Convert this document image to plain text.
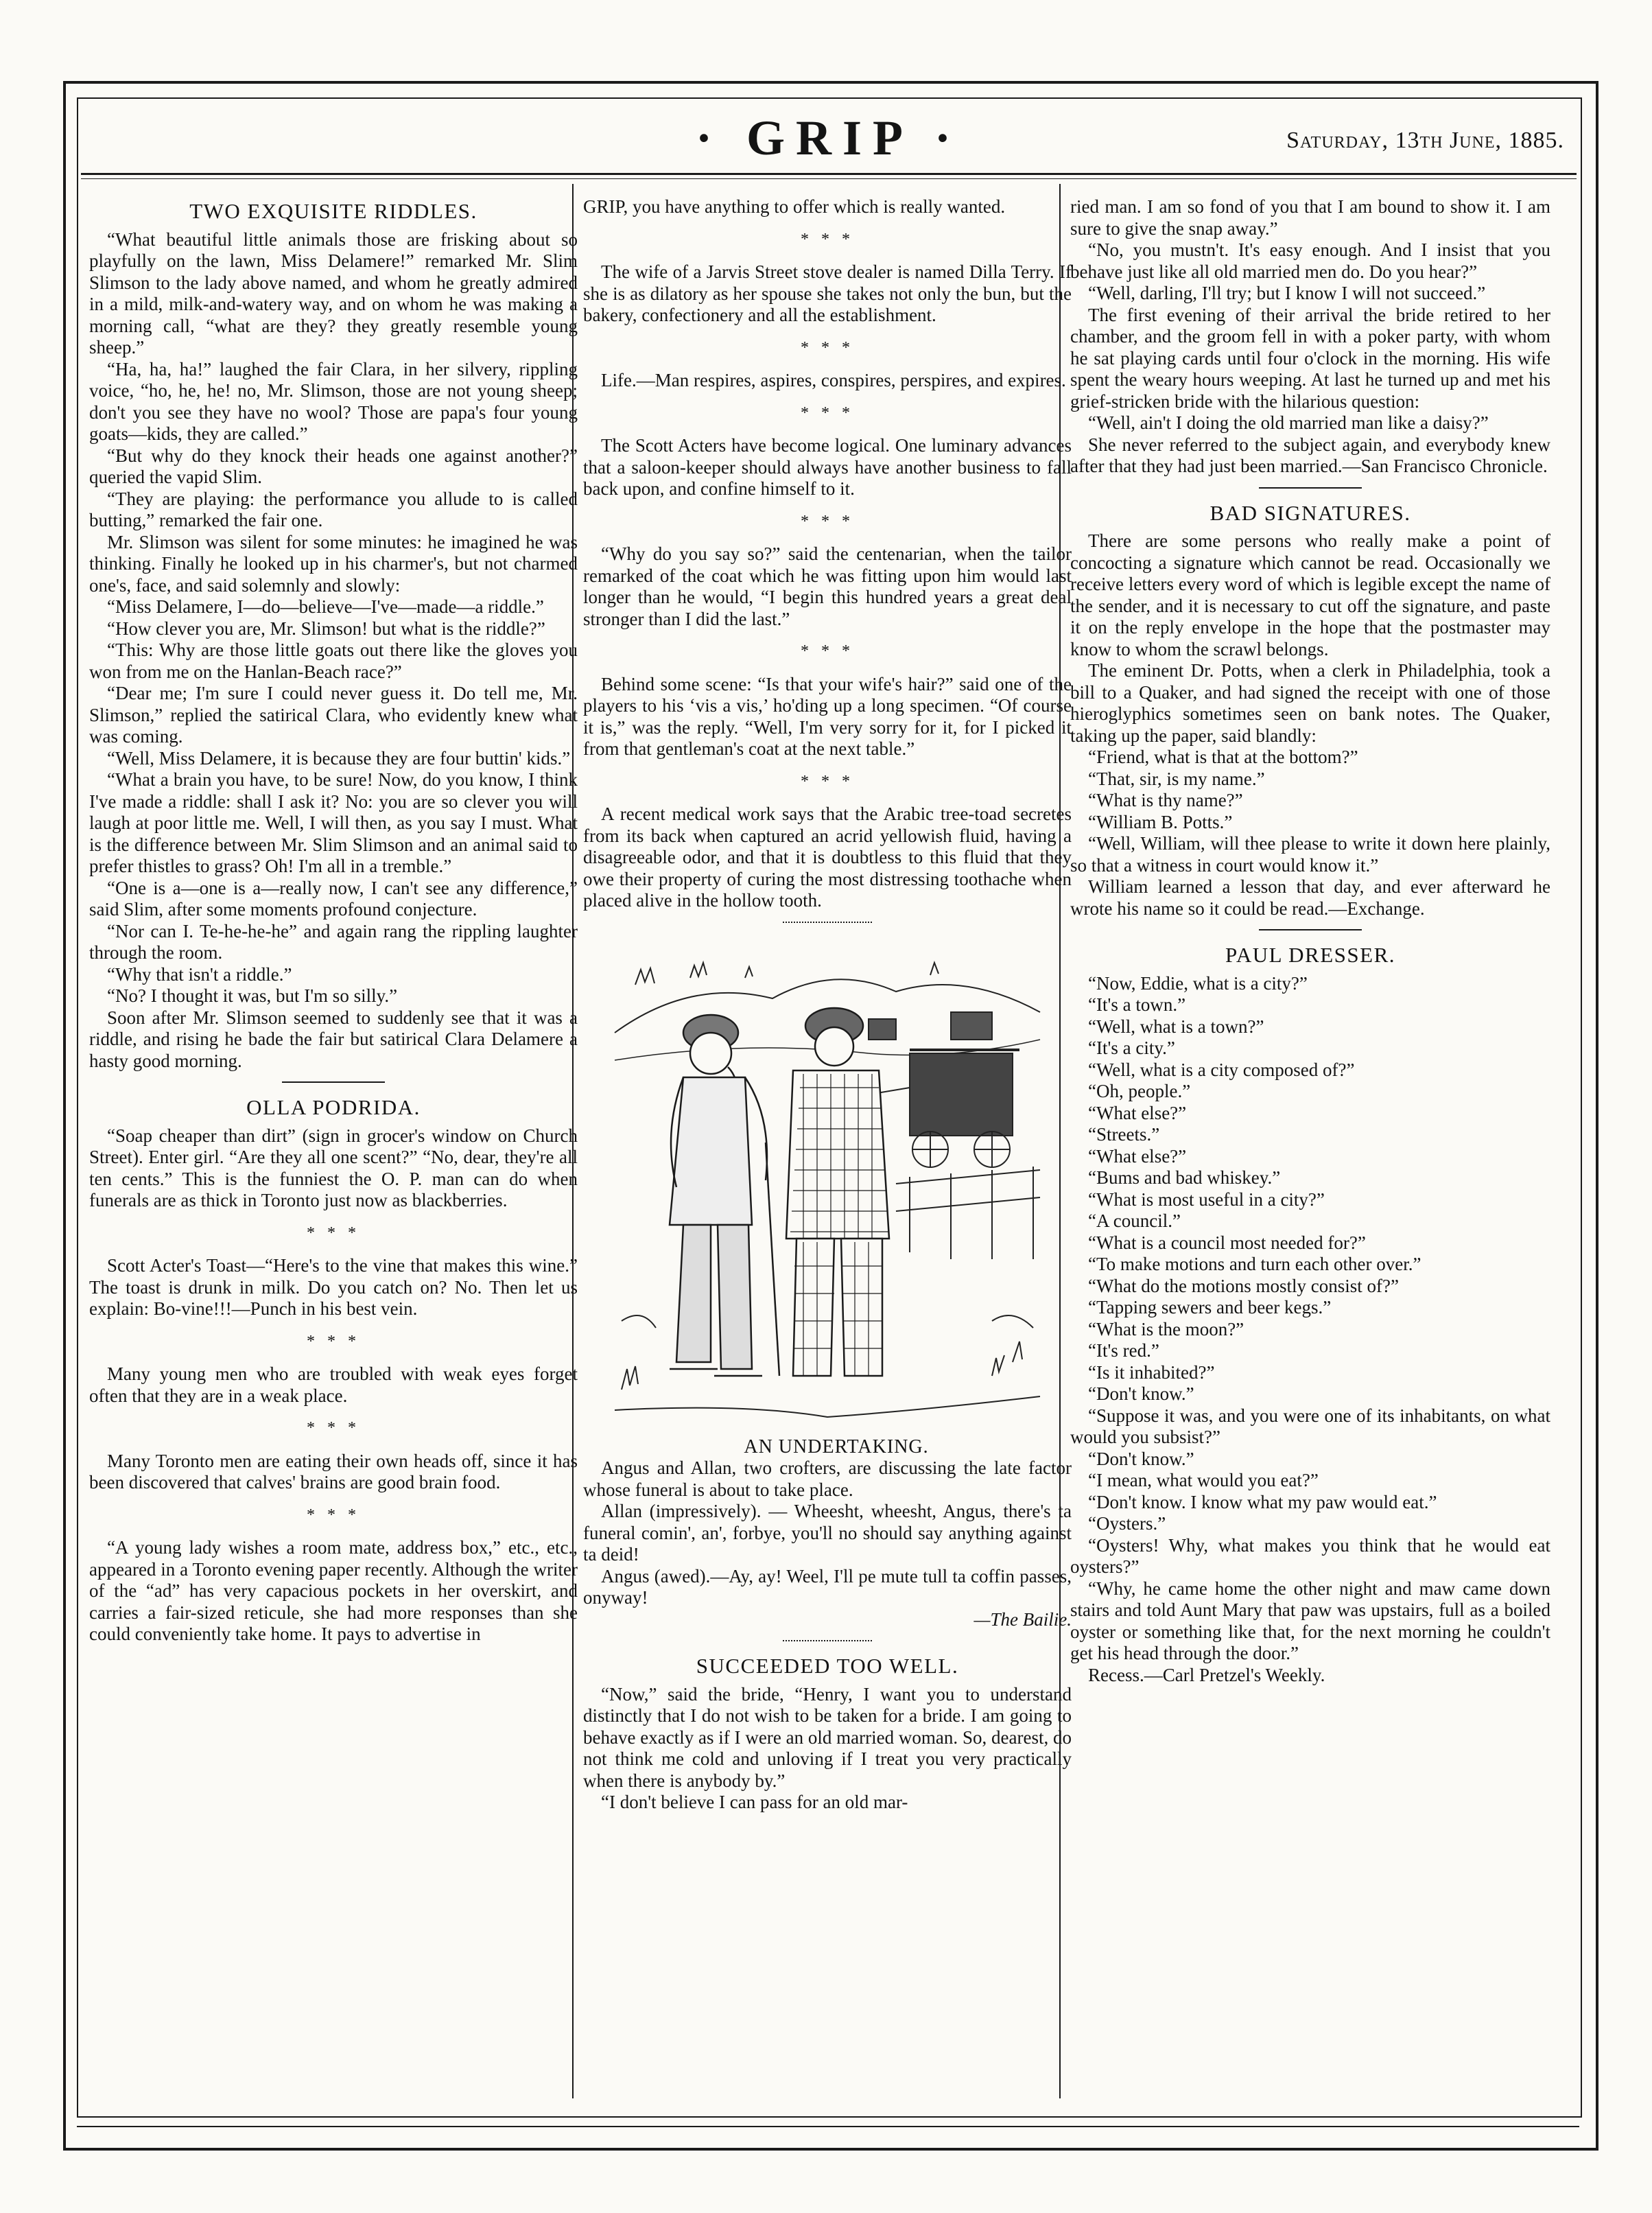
· GRIP ·	Saturday, 13th June, 1885.

TWO EXQUISITE RIDDLES.

“What beautiful little animals those are frisking about so playfully on the lawn, Miss Delamere!” remarked Mr. Slim Slimson to the lady above named, and whom he greatly admired in a mild, milk-and-watery way, and on whom he was making a morning call, “what are they? they greatly resemble young sheep.”

“Ha, ha, ha!” laughed the fair Clara, in her silvery, rippling voice, “ho, he, he! no, Mr. Slimson, those are not young sheep; don't you see they have no wool? Those are papa's four young goats—kids, they are called.”

“But why do they knock their heads one against another?” queried the vapid Slim.

“They are playing: the performance you allude to is called butting,” remarked the fair one.

Mr. Slimson was silent for some minutes: he imagined he was thinking. Finally he looked up in his charmer's, but not charmed one's, face, and said solemnly and slowly:

“Miss Delamere, I—do—believe—I've—made—a riddle.”

“How clever you are, Mr. Slimson! but what is the riddle?”

“This: Why are those little goats out there like the gloves you won from me on the Hanlan-Beach race?”

“Dear me; I'm sure I could never guess it. Do tell me, Mr. Slimson,” replied the satirical Clara, who evidently knew what was coming.

“Well, Miss Delamere, it is because they are four buttin' kids.”

“What a brain you have, to be sure! Now, do you know, I think I've made a riddle: shall I ask it? No: you are so clever you will laugh at poor little me. Well, I will then, as you say I must. What is the difference between Mr. Slim Slimson and an animal said to prefer thistles to grass? Oh! I'm all in a tremble.”

“One is a—one is a—really now, I can't see any difference,” said Slim, after some moments profound conjecture.

“Nor can I. Te-he-he-he” and again rang the rippling laughter through the room.

“Why that isn't a riddle.”

“No? I thought it was, but I'm so silly.”

Soon after Mr. Slimson seemed to suddenly see that it was a riddle, and rising he bade the fair but satirical Clara Delamere a hasty good morning.

OLLA PODRIDA.

“Soap cheaper than dirt” (sign in grocer's window on Church Street). Enter girl. “Are they all one scent?” “No, dear, they're all ten cents.” This is the funniest the O. P. man can do when funerals are as thick in Toronto just now as blackberries.

* * *

Scott Acter's Toast—“Here's to the vine that makes this wine.” The toast is drunk in milk. Do you catch on? No. Then let us explain: Bo-vine!!!—Punch in his best vein.

* * *

Many young men who are troubled with weak eyes forget often that they are in a weak place.

* * *

Many Toronto men are eating their own heads off, since it has been discovered that calves' brains are good brain food.

* * *

“A young lady wishes a room mate, address box,” etc., etc., appeared in a Toronto evening paper recently. Although the writer of the “ad” has very capacious pockets in her overskirt, and carries a fair-sized reticule, she had more responses than she could conveniently take home. It pays to advertise in

GRIP, you have anything to offer which is really wanted.

* * *

The wife of a Jarvis Street stove dealer is named Dilla Terry. If she is as dilatory as her spouse she takes not only the bun, but the bakery, confectionery and all the establishment.

* * *

Life.—Man respires, aspires, conspires, perspires, and expires.

* * *

The Scott Acters have become logical. One luminary advances that a saloon-keeper should always have another business to fall back upon, and confine himself to it.

* * *

“Why do you say so?” said the centenarian, when the tailor remarked of the coat which he was fitting upon him would last longer than he would, “I begin this hundred years a great deal stronger than I did the last.”

* * *

Behind some scene: “Is that your wife's hair?” said one of the players to his ‘vis a vis,’ ho'ding up a long specimen. “Of course it is,” was the reply. “Well, I'm very sorry for it, for I picked it from that gentleman's coat at the next table.”

* * *

A recent medical work says that the Arabic tree-toad secretes from its back when captured an acrid yellowish fluid, having a disagreeable odor, and that it is doubtless to this fluid that they owe their property of curing the most distressing toothache when placed alive in the hollow tooth.

AN UNDERTAKING.

Angus and Allan, two crofters, are discussing the late factor whose funeral is about to take place.

Allan (impressively). — Wheesht, wheesht, Angus, there's ta funeral comin', an', forbye, you'll no should say anything against ta deid!

Angus (awed).—Ay, ay! Weel, I'll pe mute tull ta coffin passes, onyway!

—The Bailie.

SUCCEEDED TOO WELL.

“Now,” said the bride, “Henry, I want you to understand distinctly that I do not wish to be taken for a bride. I am going to behave exactly as if I were an old married woman. So, dearest, do not think me cold and unloving if I treat you very practically when there is anybody by.”

“I don't believe I can pass for an old mar-

ried man. I am so fond of you that I am bound to show it. I am sure to give the snap away.”

“No, you mustn't. It's easy enough. And I insist that you behave just like all old married men do. Do you hear?”

“Well, darling, I'll try; but I know I will not succeed.”

The first evening of their arrival the bride retired to her chamber, and the groom fell in with a poker party, with whom he sat playing cards until four o'clock in the morning. His wife spent the weary hours weeping. At last he turned up and met his grief-stricken bride with the hilarious question:

“Well, ain't I doing the old married man like a daisy?”

She never referred to the subject again, and everybody knew after that they had just been married.—San Francisco Chronicle.

BAD SIGNATURES.

There are some persons who really make a point of concocting a signature which cannot be read. Occasionally we receive letters every word of which is legible except the name of the sender, and it is necessary to cut off the signature, and paste it on the reply envelope in the hope that the postmaster may know to whom the scrawl belongs.

The eminent Dr. Potts, when a clerk in Philadelphia, took a bill to a Quaker, and had signed the receipt with one of those hieroglyphics sometimes seen on bank notes. The Quaker, taking up the paper, said blandly:

“Friend, what is that at the bottom?”

“That, sir, is my name.”

“What is thy name?”

“William B. Potts.”

“Well, William, will thee please to write it down here plainly, so that a witness in court would know it.”

William learned a lesson that day, and ever afterward he wrote his name so it could be read.—Exchange.

PAUL DRESSER.

“Now, Eddie, what is a city?”

“It's a town.”

“Well, what is a town?”

“It's a city.”

“Well, what is a city composed of?”

“Oh, people.”

“What else?”

“Streets.”

“What else?”

“Bums and bad whiskey.”

“What is most useful in a city?”

“A council.”

“What is a council most needed for?”

“To make motions and turn each other over.”

“What do the motions mostly consist of?”

“Tapping sewers and beer kegs.”

“What is the moon?”

“It's red.”

“Is it inhabited?”

“Don't know.”

“Suppose it was, and you were one of its inhabitants, on what would you subsist?”

“Don't know.”

“I mean, what would you eat?”

“Don't know. I know what my paw would eat.”

“Oysters.”

“Oysters! Why, what makes you think that he would eat oysters?”

“Why, he came home the other night and maw came down stairs and told Aunt Mary that paw was upstairs, full as a boiled oyster or something like that, for the next morning he couldn't get his head through the door.”

Recess.—Carl Pretzel's Weekly.
